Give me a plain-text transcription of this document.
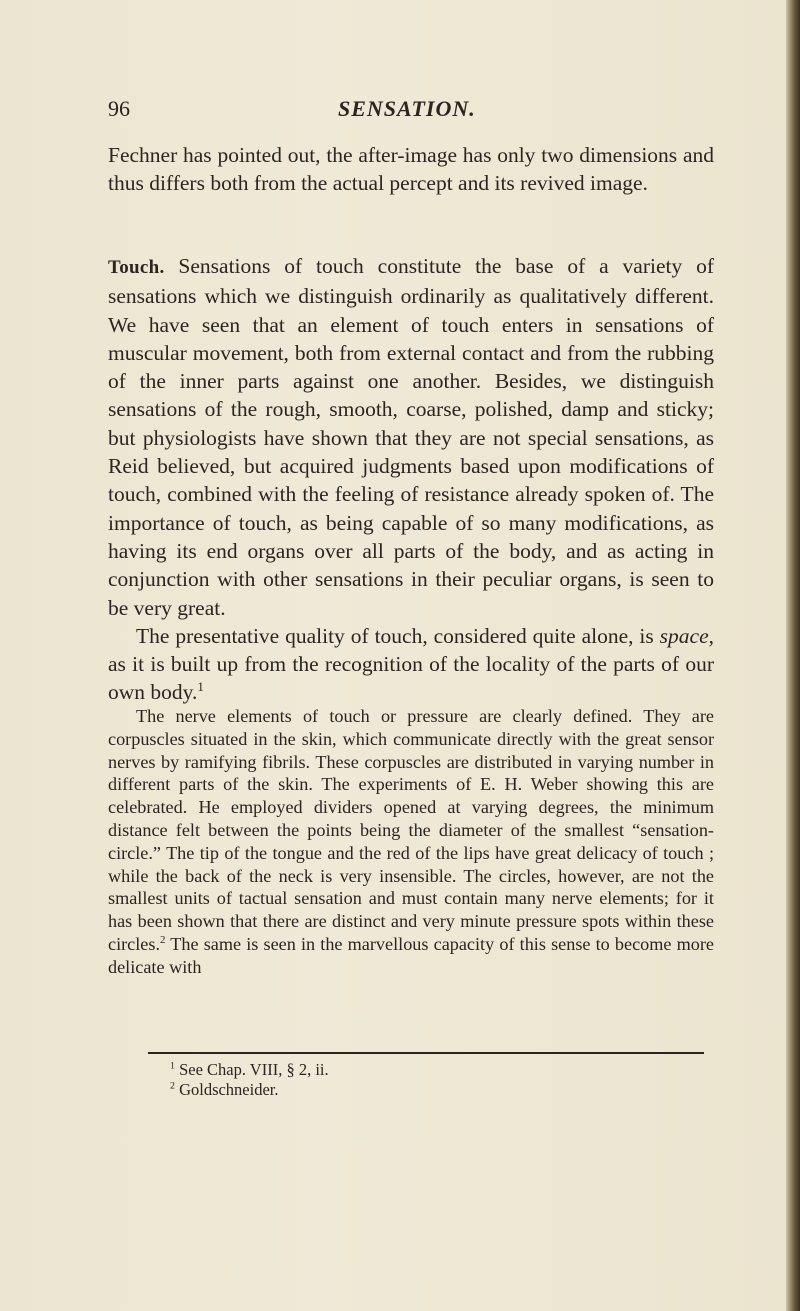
96	SENSATION.

Fechner has pointed out, the after-image has only two dimensions and thus differs both from the actual percept and its revived image.

Touch. Sensations of touch constitute the base of a variety of sensations which we distinguish ordinarily as qualitatively different. We have seen that an element of touch enters in sensations of muscular movement, both from external contact and from the rubbing of the inner parts against one another. Besides, we distinguish sensations of the rough, smooth, coarse, polished, damp and sticky; but physiologists have shown that they are not special sensations, as Reid believed, but acquired judgments based upon modifications of touch, combined with the feeling of resistance already spoken of. The importance of touch, as being capable of so many modifications, as having its end organs over all parts of the body, and as acting in conjunction with other sensations in their peculiar organs, is seen to be very great.

The presentative quality of touch, considered quite alone, is space, as it is built up from the recognition of the locality of the parts of our own body.$^1$

The nerve elements of touch or pressure are clearly defined. They are corpuscles situated in the skin, which communicate directly with the great sensor nerves by ramifying fibrils. These corpuscles are distributed in varying number in different parts of the skin. The experiments of E. H. Weber showing this are celebrated. He employed dividers opened at varying degrees, the minimum distance felt between the points being the diameter of the smallest “sensation-circle.” The tip of the tongue and the red of the lips have great delicacy of touch ; while the back of the neck is very insensible. The circles, however, are not the smallest units of tactual sensation and must contain many nerve elements; for it has been shown that there are distinct and very minute pressure spots within these circles.$^2$ The same is seen in the marvellous capacity of this sense to become more delicate with

$^1$ See Chap. VIII, § 2, ii.
$^2$ Goldschneider.
